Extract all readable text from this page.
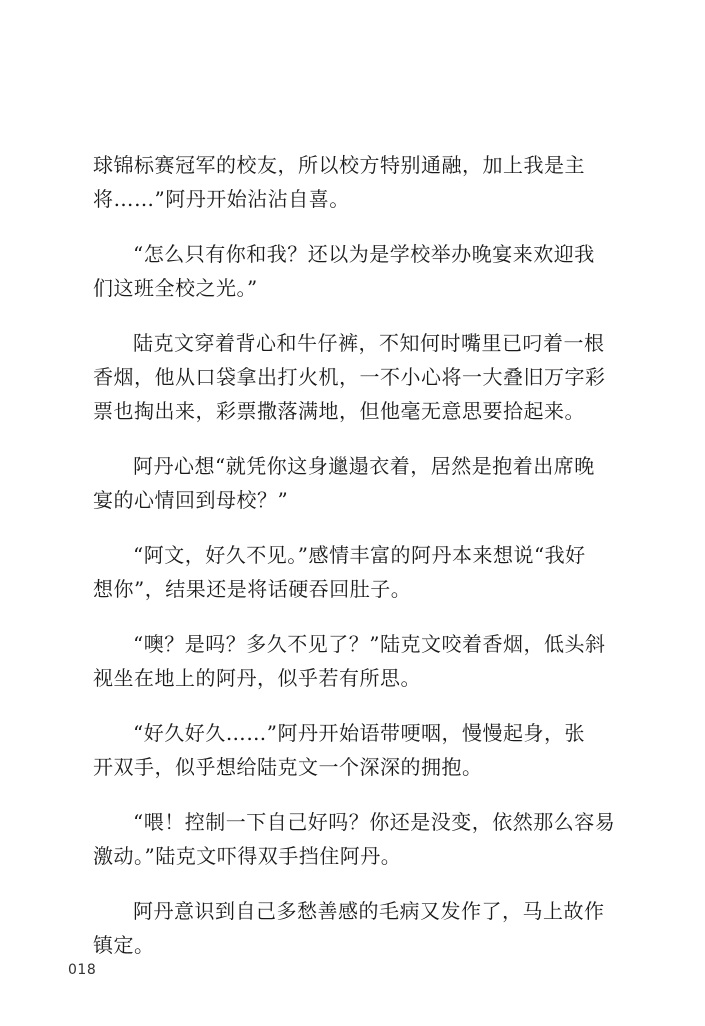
球锦标赛冠军的校友，所以校方特别通融，加上我是主
将……”阿丹开始沾沾自喜。

“怎么只有你和我？还以为是学校举办晚宴来欢迎我
们这班全校之光。”

陆克文穿着背心和牛仔裤，不知何时嘴里已叼着一根
香烟，他从口袋拿出打火机，一不小心将一大叠旧万字彩
票也掏出来，彩票撒落满地，但他毫无意思要拾起来。

阿丹心想“就凭你这身邋遢衣着，居然是抱着出席晚
宴的心情回到母校？”

“阿文，好久不见。”感情丰富的阿丹本来想说“我好
想你”，结果还是将话硬吞回肚子。

“噢？是吗？多久不见了？”陆克文咬着香烟，低头斜
视坐在地上的阿丹，似乎若有所思。

“好久好久……”阿丹开始语带哽咽，慢慢起身，张
开双手，似乎想给陆克文一个深深的拥抱。

“喂！控制一下自己好吗？你还是没变，依然那么容易
激动。”陆克文吓得双手挡住阿丹。

阿丹意识到自己多愁善感的毛病又发作了，马上故作
镇定。

018
